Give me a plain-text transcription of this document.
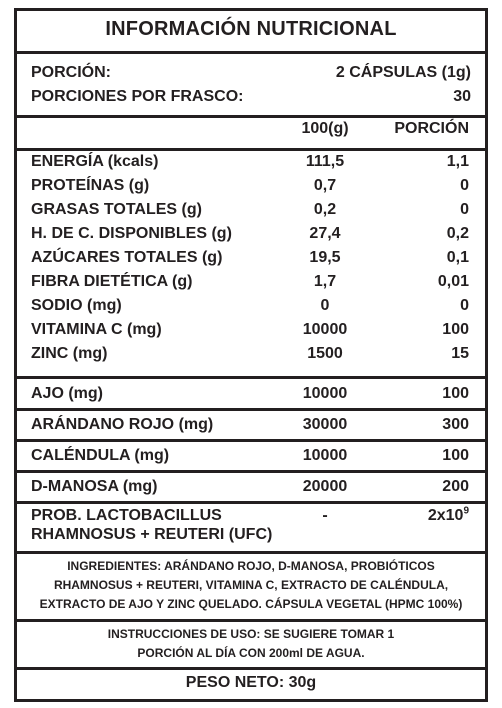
INFORMACIÓN NUTRICIONAL
PORCIÓN:	2 CÁPSULAS (1g)
PORCIONES POR FRASCO:	30
100(g)	PORCIÓN
ENERGÍA (kcals)	111,5	1,1
PROTEÍNAS (g)	0,7	0
GRASAS TOTALES (g)	0,2	0
H. DE C. DISPONIBLES (g)	27,4	0,2
AZÚCARES TOTALES (g)	19,5	0,1
FIBRA DIETÉTICA (g)	1,7	0,01
SODIO (mg)	0	0
VITAMINA C (mg)	10000	100
ZINC (mg)	1500	15
AJO (mg)	10000	100
ARÁNDANO ROJO (mg)	30000	300
CALÉNDULA (mg)	10000	100
D-MANOSA (mg)	20000	200
PROB. LACTOBACILLUS
RHAMNOSUS + REUTERI (UFC)
-	$2x10^9$
INGREDIENTES: ARÁNDANO ROJO, D-MANOSA, PROBIÓTICOS
RHAMNOSUS + REUTERI, VITAMINA C, EXTRACTO DE CALÉNDULA,
EXTRACTO DE AJO Y ZINC QUELADO. CÁPSULA VEGETAL (HPMC 100%)
INSTRUCCIONES DE USO: SE SUGIERE TOMAR 1
PORCIÓN AL DÍA CON 200ml DE AGUA.
PESO NETO: 30g
